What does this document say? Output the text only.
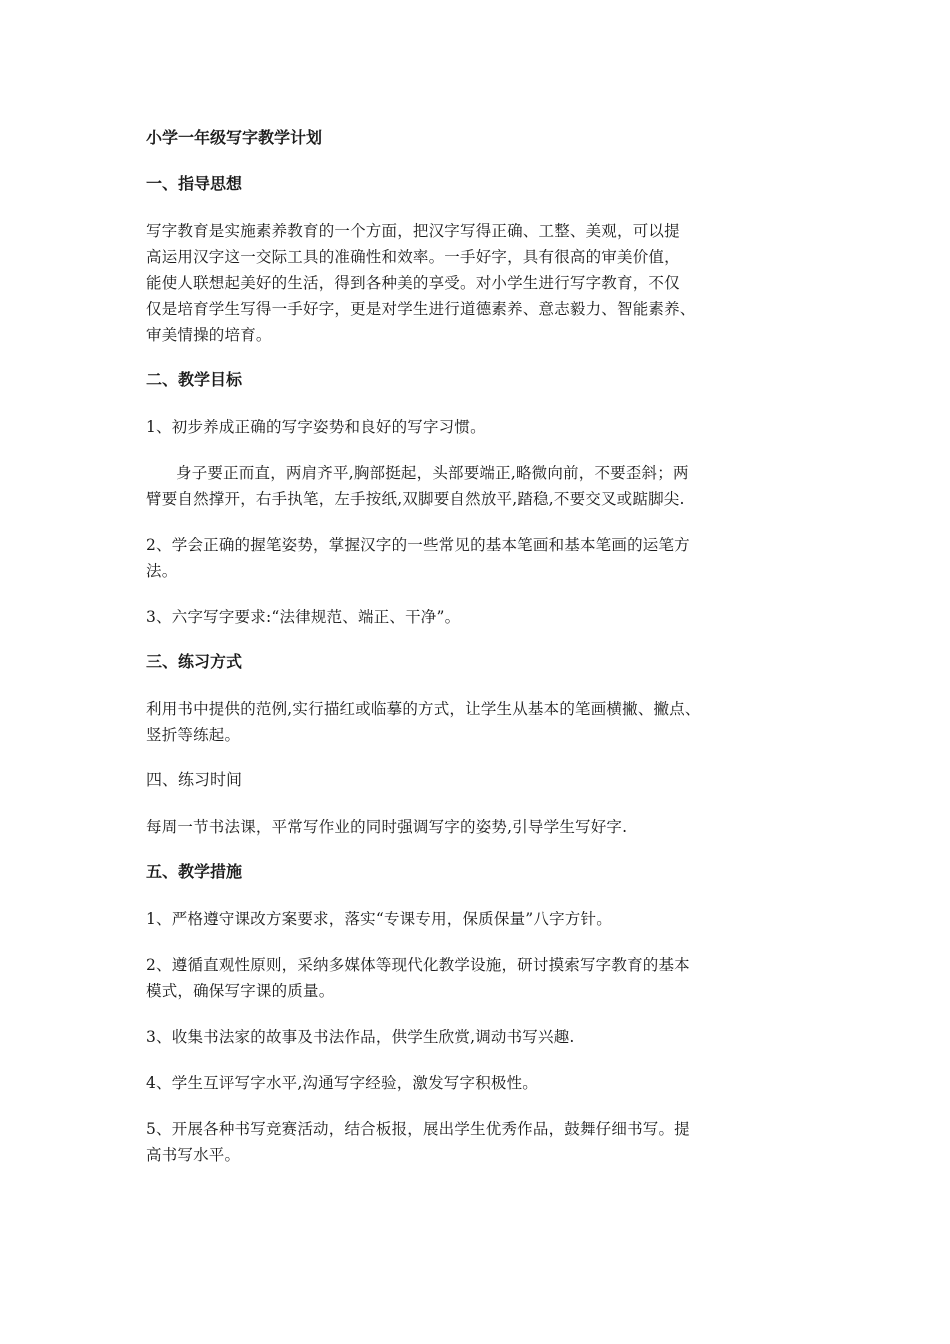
小学一年级写字教学计划
一、指导思想
写字教育是实施素养教育的一个方面，把汉字写得正确、工整、美观，可以提
高运用汉字这一交际工具的准确性和效率。一手好字，具有很高的审美价值，
能使人联想起美好的生活，得到各种美的享受。对小学生进行写字教育，不仅
仅是培育学生写得一手好字，更是对学生进行道德素养、意志毅力、智能素养、
审美情操的培育。
二、教学目标
1、初步养成正确的写字姿势和良好的写字习惯。
身子要正而直，两肩齐平,胸部挺起，头部要端正,略微向前，不要歪斜；两
臂要自然撑开，右手执笔，左手按纸,双脚要自然放平,踏稳,不要交叉或踮脚尖.
2、学会正确的握笔姿势，掌握汉字的一些常见的基本笔画和基本笔画的运笔方
法。
3、六字写字要求:“法律规范、端正、干净”。
三、练习方式
利用书中提供的范例,实行描红或临摹的方式，让学生从基本的笔画横撇、撇点、
竖折等练起。
四、练习时间
每周一节书法课，平常写作业的同时强调写字的姿势,引导学生写好字.
五、教学措施
1、严格遵守课改方案要求，落实“专课专用，保质保量”八字方针。
2、遵循直观性原则，采纳多媒体等现代化教学设施，研讨摸索写字教育的基本
模式，确保写字课的质量。
3、收集书法家的故事及书法作品，供学生欣赏,调动书写兴趣.
4、学生互评写字水平,沟通写字经验，激发写字积极性。
5、开展各种书写竞赛活动，结合板报，展出学生优秀作品，鼓舞仔细书写。提
高书写水平。
